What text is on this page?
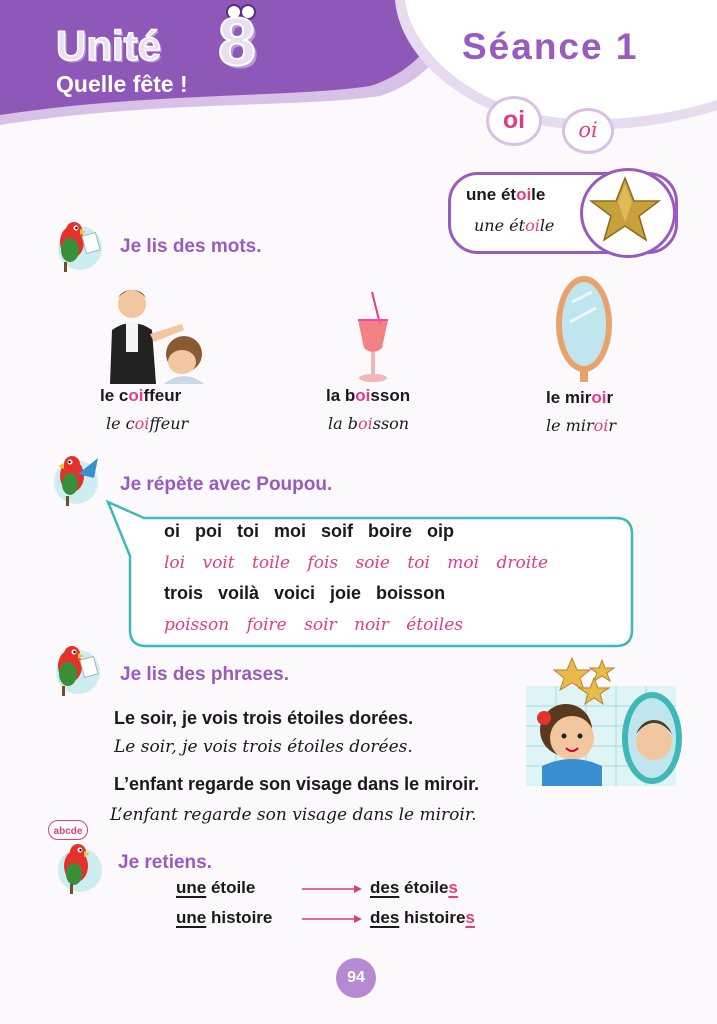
Unité 8
Quelle fête !
Séance 1
oi	oi
une étoile
une étoile
Je lis des mots.
le coiffeur
le coiffeur
la boisson
la boisson
le miroir
le miroir
Je répète avec Poupou.
oi poi toi moi soif boire oip
loi voit toile fois soie toi moi droite
trois voilà voici joie boisson
poisson foire soir noir étoiles
Je lis des phrases.
Le soir, je vois trois étoiles dorées.
Le soir, je vois trois étoiles dorées.
L’enfant regarde son visage dans le miroir.
L’enfant regarde son visage dans le miroir.
abcde
Je retiens.
une étoile	des étoiles
une histoire	des histoires
94
